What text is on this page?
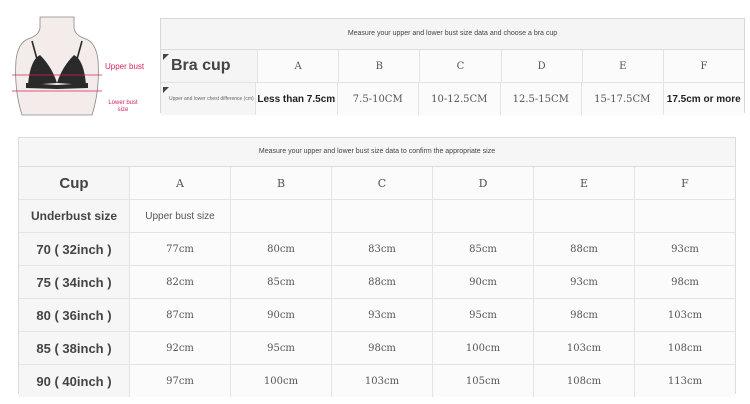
Upper bust
Lower bust size
Measure your upper and lower bust size data and choose a bra cup
Bra cup	A	B	C	D	E	F
Upper and lower chest difference (cm) Less than 7.5cm	7.5-10CM	10-12.5CM	12.5-15CM	15-17.5CM	17.5cm or more
Measure your upper and lower bust size data to confirm the appropriate size
Cup	A	B	C	D	E	F
Underbust size	Upper bust size
70 ( 32inch )	77cm	80cm	83cm	85cm	88cm	93cm
75 ( 34inch )	82cm	85cm	88cm	90cm	93cm	98cm
80 ( 36inch )	87cm	90cm	93cm	95cm	98cm	103cm
85 ( 38inch )	92cm	95cm	98cm	100cm	103cm	108cm
90 ( 40inch )	97cm	100cm	103cm	105cm	108cm	113cm
